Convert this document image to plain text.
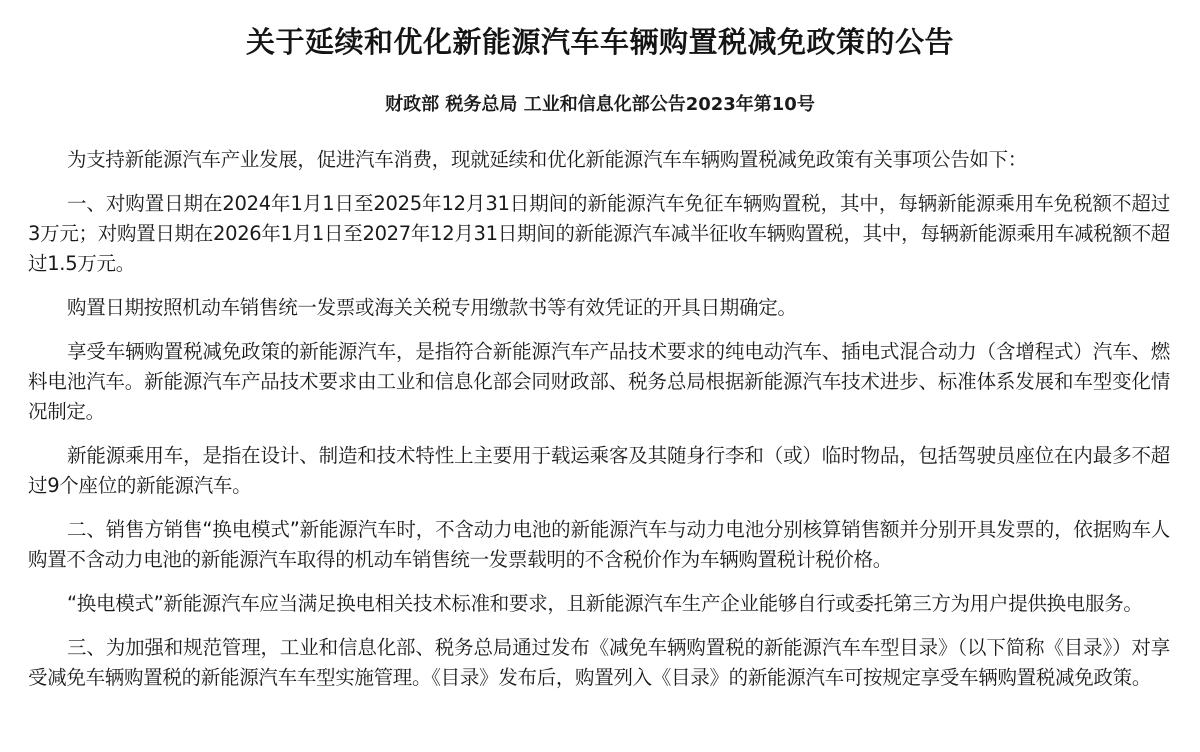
关于延续和优化新能源汽车车辆购置税减免政策的公告
财政部 税务总局 工业和信息化部公告2023年第10号

为支持新能源汽车产业发展，促进汽车消费，现就延续和优化新能源汽车车辆购置税减免政策有关事项公告如下：

一、对购置日期在2024年1月1日至2025年12月31日期间的新能源汽车免征车辆购置税，其中，每辆新能源乘用车免税额不超过3万元；对购置日期在2026年1月1日至2027年12月31日期间的新能源汽车减半征收车辆购置税，其中，每辆新能源乘用车减税额不超过1.5万元。

购置日期按照机动车销售统一发票或海关关税专用缴款书等有效凭证的开具日期确定。

享受车辆购置税减免政策的新能源汽车，是指符合新能源汽车产品技术要求的纯电动汽车、插电式混合动力（含增程式）汽车、燃料电池汽车。新能源汽车产品技术要求由工业和信息化部会同财政部、税务总局根据新能源汽车技术进步、标准体系发展和车型变化情况制定。

新能源乘用车，是指在设计、制造和技术特性上主要用于载运乘客及其随身行李和（或）临时物品，包括驾驶员座位在内最多不超过9个座位的新能源汽车。

二、销售方销售“换电模式”新能源汽车时，不含动力电池的新能源汽车与动力电池分别核算销售额并分别开具发票的，依据购车人购置不含动力电池的新能源汽车取得的机动车销售统一发票载明的不含税价作为车辆购置税计税价格。

“换电模式”新能源汽车应当满足换电相关技术标准和要求，且新能源汽车生产企业能够自行或委托第三方为用户提供换电服务。

三、为加强和规范管理，工业和信息化部、税务总局通过发布《减免车辆购置税的新能源汽车车型目录》（以下简称《目录》）对享受减免车辆购置税的新能源汽车车型实施管理。《目录》发布后，购置列入《目录》的新能源汽车可按规定享受车辆购置税减免政策。
